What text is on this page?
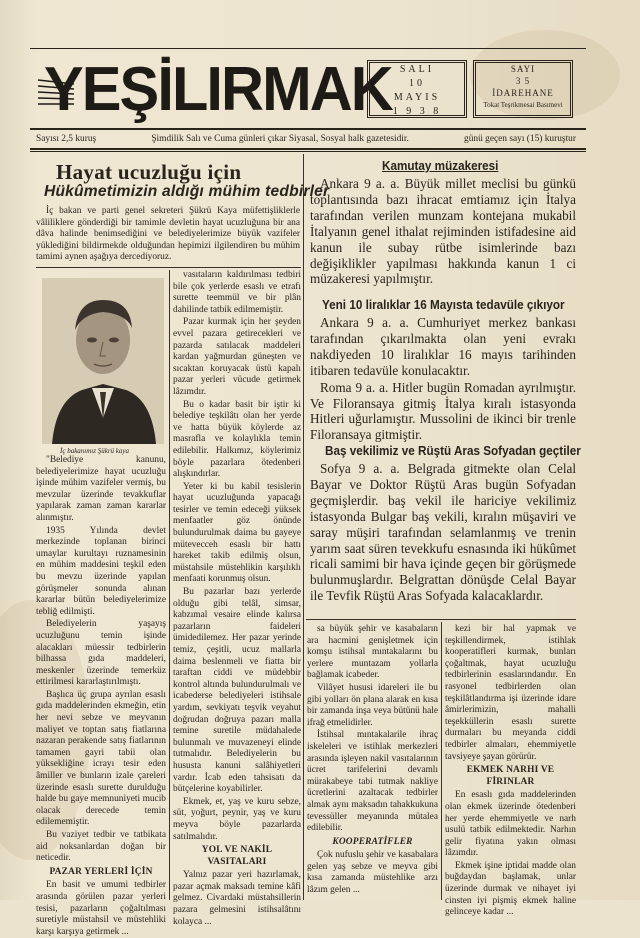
YEŞİLIRMAK SALI
10
MAYIS
1 9 3 8
SAYI
3 5
İDAREHANE
Tokat Teşrikmesai Basımevi
Sayısı 2,5 kuruş	Şimdilik Salı ve Cuma günleri çıkar Siyasal, Sosyal halk gazetesidir.	günü geçen sayı (15) kuruştur
Hayat ucuzluğu için
Hükûmetimizin aldığı mühim tedbirler

İç bakan ve parti genel sekreteri Şükrü Kaya müfettişliklerle vâliliklere gönderdiği bir tamimle devletin hayat ucuzluğuna bir ana dâva halinde benimsediğini ve belediyelerimize büyük vazifeler yüklediğini bildirmekde olduğundan hepimizi ilgilendiren bu mühim tamimi aynen aşağıya dercediyoruz.

İç bakanımız Şükrü kaya

"Belediye kanunu, belediyelerimize hayat ucuzluğu işinde mühim vazifeler vermiş, bu mevzular üzerinde tevakkuflar yapılarak zaman zaman kararlar alınmıştır.

1935 Yılında devlet merkezinde toplanan birinci umaylar kurultayı ruznamesinin en mühim maddesini teşkil eden bu mevzu üzerinde yapılan görüşmeler sonunda alınan kararlar bütün belediyelerimize tebliğ edilmişti.

Belediyelerin yaşayış ucuzluğunu temin işinde alacakları müessir tedbirlerin bilhassa gıda maddeleri, meskenler üzerinde temerküz ettirilmesi kararlaştırılmıştı.

Başlıca üç grupa ayrılan esaslı gıda maddelerinden ekmeğin, etin her nevi sebze ve meyvanın maliyet ve toptan satış fiatlarına nazaran perakende satış fiatlarının tamamen gayri tabii olan yüksekliğine icrayı tesir eden âmiller ve bunların izale çareleri üzerinde esaslı surette durulduğu halde bu gaye memnuniyeti mucib olacak derecede temin edilememiştir.

Bu vaziyet tedbir ve tatbikata aid noksanlardan doğan bir neticedir.

PAZAR YERLERİ İÇİN

En basit ve umumi tedbirler arasında görülen pazar yerleri tesisi, pazarların çoğaltılması suretiyle müstahsil ve müstehliki karşı karşıya getirmek ...

vasıtaların kaldırılması tedbiri bile çok yerlerde esaslı ve etrafı surette teemmül ve bir plân dahilinde tatbik edilmemiştir.

Pazar kurmak için her şeyden evvel pazara getirecekleri ve pazarda satılacak maddeleri kardan yağmurdan güneşten ve sıcaktan koruyacak üstü kapalı pazar yerleri vücude getirmek lâzımdır.

Bu o kadar basit bir iştir ki belediye teşkilâtı olan her yerde ve hatta büyük köylerde az masrafla ve kolaylıkla temin edilebilir. Halkımız, köylerimiz böyle pazarlara ötedenberi alışkındırlar.

Yeter ki bu kabil tesislerin hayat ucuzluğunda yapacağı tesirler ve temin edeceği yüksek menfaatler göz önünde bulundurulmak daima bu gayeye mütevecceh esaslı bir hattı hareket takib edilmiş olsun, müstahsile müstehlikin karşılıklı menfaati korunmuş olsun.

Bu pazarlar bazı yerlerde olduğu gibi telâl, simsar, kabzımal vesaire elinde kalırsa pazarların faideleri ümidedilemez. Her pazar yerinde temiz, çeşitli, ucuz mallarla daima beslenmeli ve fiatta bir taraftan ciddi ve müdebbir kontrol altında bulundurulmalı ve icabederse belediyeleri istihsale yardım, sevkiyatı teşvik veyahut doğrudan doğruya pazarı malla temine suretile müdahalede bulunmalı ve muvazeneyi elinde tutmalıdır. Belediyelerin bu hususta kanuni salâhiyetleri vardır. İcab eden tahsisatı da bütçelerine koyabilirler.

Ekmek, et, yaş ve kuru sebze, süt, yoğurt, peynir, yaş ve kuru meyva böyle pazarlarda satılmalıdır.

YOL VE NAKİL VASITALARI

Yalnız pazar yeri hazırlamak, pazar açmak maksadı temine kâfi gelmez. Civardaki müstahsillerin pazara gelmesini istihsalâtını kolayca ...

Kamutay müzakeresi

Ankara 9 a. a. Büyük millet meclisi bu günkü toplantısında bazı ihracat emtiamız için İtalya tarafından verilen munzam kontejana mukabil İtalyanın genel ithalat rejiminden istifadesine aid kanun ile subay rütbe isimlerinde bazı değişiklikler yapılması hakkında kanun 1 ci müzakeresi yapılmıştır.

Yeni 10 liralıklar 16 Mayısta tedavüle çıkıyor

Ankara 9 a. a. Cumhuriyet merkez bankası tarafından çıkarılmakta olan yeni evrakı nakdiyeden 10 liralıklar 16 mayıs tarihinden itibaren tedavüle konulacaktır.

Roma 9 a. a. Hitler bugün Romadan ayrılmıştır. Ve Filoransaya gitmiş İtalya kıralı istasyonda Hitleri uğurlamıştır. Mussolini de ikinci bir trenle Filoransaya gitmiştir.

Baş vekilimiz ve Rüştü Aras Sofyadan geçtiler

Sofya 9 a. a. Belgrada gitmekte olan Celal Bayar ve Doktor Rüştü Aras bugün Sofyadan geçmişlerdir. baş vekil ile hariciye vekilimiz istasyonda Bulgar baş vekili, kıralın müşaviri ve saray müşiri tarafından selamlanmış ve trenin yarım saat süren tevekkufu esnasında iki hükûmet ricali samimi bir hava içinde geçen bir görüşmede bulunmuşlardır. Belgrattan dönüşde Celal Bayar ile Tevfik Rüştü Aras Sofyada kalacaklardır.

sa büyük şehir ve kasabaların ara hacmini genişletmek için komşu istihsal mıntakalarını bu yerlere muntazam yollarla bağlamak icabeder.

Vilâyet hususi idareleri ile bu gibi yolları ön plana alarak en kısa bir zamanda inşa veya bütünü hale ifrağ etmelidirler.

İstihsal mıntakalarile ihraç iskeleleri ve istihlak merkezleri arasında işleyen nakil vasıtalarının ücret tarifelerini devamlı mürakabeye tabi tutmak nakliye ücretlerini azaltacak tedbirler almak aynı maksadın tahakkukuna tevessüller meyanında mütalea edilebilir.

KOOPERATİFLER

Çok nufuslu şehir ve kasabalara gelen yaş sebze ve meyva gibi kısa zamanda müstehlike arzı lâzım gelen ...

kezi bir hal yapmak ve teşkillendirmek, istihlak kooperatifleri kurmak, bunları çoğaltmak, hayat ucuzluğu tedbirlerinin esaslarındandır. En rasyonel tedbirlerden olan teşkilâtlandırma işi üzerinde idare âmirlerimizin, mahalli teşekküllerin esaslı surette durmaları bu meyanda ciddi tedbirler almaları, ehemmiyetle tavsiyeye şayan görürür.

EKMEK NARHI VE FİRINLAR

En esaslı gıda maddelerinden olan ekmek üzerinde ötedenberi her yerde ehemmiyetle ve narh usulü tatbik edilmektedir. Narhın gelir fiyatına yakın olması lâzımdır.

Ekmek işine iptidai madde olan buğdaydan başlamak, unlar üzerinde durmak ve nihayet iyi cinsten iyi pişmiş ekmek haline gelinceye kadar ...
